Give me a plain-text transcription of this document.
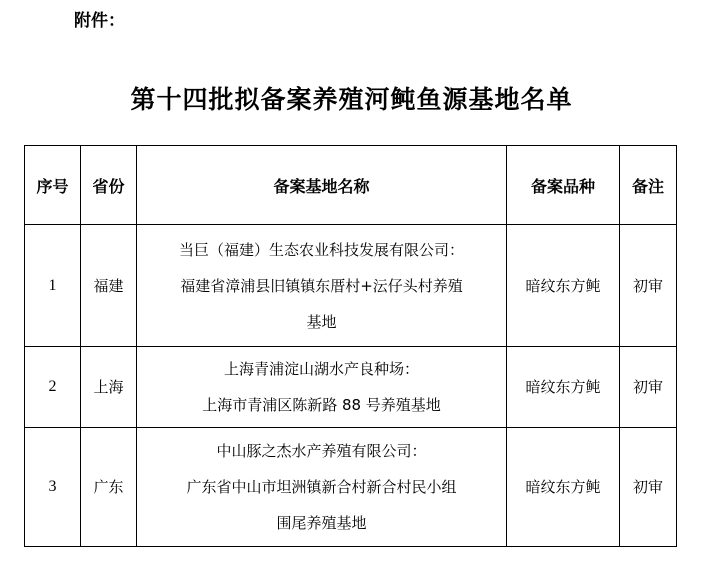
附件：
第十四批拟备案养殖河鲀鱼源基地名单
序号	省份	备案基地名称	备案品种	备注
1	福建	当巨（福建）生态农业科技发展有限公司：
福建省漳浦县旧镇镇东厝村+沄仔头村养殖
基地	暗纹东方鲀	初审
2	上海	上海青浦淀山湖水产良种场：
上海市青浦区陈新路 88 号养殖基地	暗纹东方鲀	初审
3	广东	中山豚之杰水产养殖有限公司：
广东省中山市坦洲镇新合村新合村民小组
围尾养殖基地	暗纹东方鲀	初审
